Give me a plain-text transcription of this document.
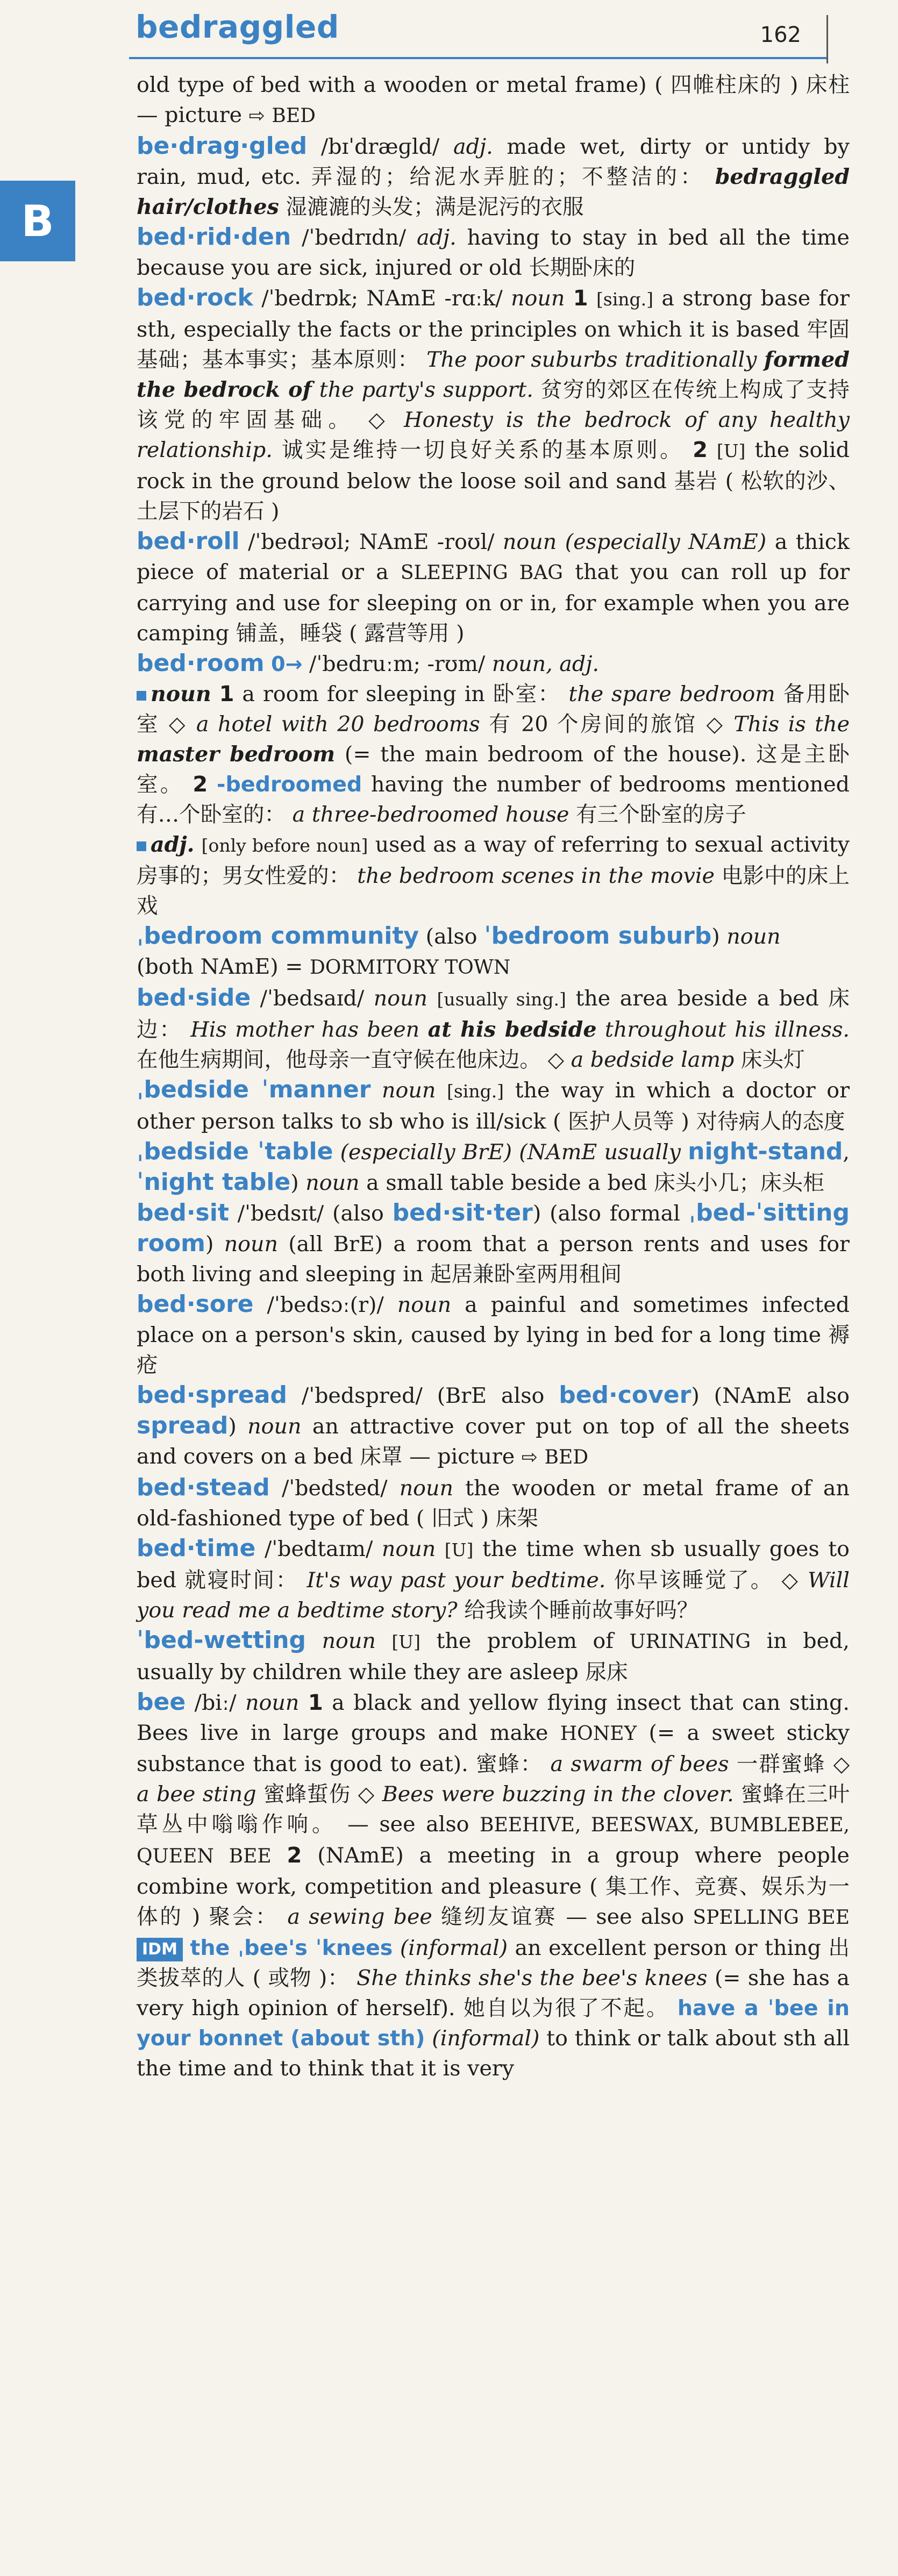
bedraggled	162
B

old type of bed with a wooden or metal frame) ( 四帷柱床的 ) 床柱 — picture ⇨ BED

be·drag·gled /bɪˈdræɡld/ adj. made wet, dirty or untidy by rain, mud, etc. 弄湿的；给泥水弄脏的；不整洁的： bedraggled hair/clothes 湿漉漉的头发；满是泥污的衣服

bed·rid·den /ˈbedrɪdn/ adj. having to stay in bed all the time because you are sick, injured or old 长期卧床的

bed·rock /ˈbedrɒk; NAmE -rɑːk/ noun 1 [sing.] a strong base for sth, especially the facts or the principles on which it is based 牢固基础；基本事实；基本原则： The poor suburbs traditionally formed the bedrock of the party's support. 贫穷的郊区在传统上构成了支持该党的牢固基础。 ◇ Honesty is the bedrock of any healthy relationship. 诚实是维持一切良好关系的基本原则。 2 [U] the solid rock in the ground below the loose soil and sand 基岩 ( 松软的沙、土层下的岩石 )

bed·roll /ˈbedrəʊl; NAmE -roʊl/ noun (especially NAmE) a thick piece of material or a SLEEPING BAG that you can roll up for carrying and use for sleeping on or in, for example when you are camping 铺盖，睡袋 ( 露营等用 )

bed·room 0→ /ˈbedruːm; -rʊm/ noun, adj.
noun 1 a room for sleeping in 卧室： the spare bedroom 备用卧室 ◇ a hotel with 20 bedrooms 有 20 个房间的旅馆 ◇ This is the master bedroom (= the main bedroom of the house). 这是主卧室。 2 -bedroomed having the number of bedrooms mentioned 有…个卧室的： a three-bedroomed house 有三个卧室的房子
adj. [only before noun] used as a way of referring to sexual activity 房事的；男女性爱的： the bedroom scenes in the movie 电影中的床上戏

ˌbedroom community (also ˈbedroom suburb) noun
(both NAmE) = DORMITORY TOWN

bed·side /ˈbedsaɪd/ noun [usually sing.] the area beside a bed 床边： His mother has been at his bedside throughout his illness. 在他生病期间，他母亲一直守候在他床边。 ◇ a bedside lamp 床头灯

ˌbedside ˈmanner noun [sing.] the way in which a doctor or other person talks to sb who is ill/sick ( 医护人员等 ) 对待病人的态度

ˌbedside ˈtable (especially BrE) (NAmE usually night-stand, ˈnight table) noun a small table beside a bed 床头小几；床头柜

bed·sit /ˈbedsɪt/ (also bed·sit·ter) (also formal ˌbed-ˈsitting room) noun (all BrE) a room that a person rents and uses for both living and sleeping in 起居兼卧室两用租间

bed·sore /ˈbedsɔː(r)/ noun a painful and sometimes infected place on a person's skin, caused by lying in bed for a long time 褥疮

bed·spread /ˈbedspred/ (BrE also bed·cover) (NAmE also spread) noun an attractive cover put on top of all the sheets and covers on a bed 床罩 — picture ⇨ BED

bed·stead /ˈbedsted/ noun the wooden or metal frame of an old-fashioned type of bed ( 旧式 ) 床架

bed·time /ˈbedtaɪm/ noun [U] the time when sb usually goes to bed 就寝时间： It's way past your bedtime. 你早该睡觉了。 ◇ Will you read me a bedtime story? 给我读个睡前故事好吗？

ˈbed-wetting noun [U] the problem of URINATING in bed, usually by children while they are asleep 尿床

bee /biː/ noun 1 a black and yellow flying insect that can sting. Bees live in large groups and make HONEY (= a sweet sticky substance that is good to eat). 蜜蜂： a swarm of bees 一群蜜蜂 ◇ a bee sting 蜜蜂蜇伤 ◇ Bees were buzzing in the clover. 蜜蜂在三叶草丛中嗡嗡作响。 — see also BEEHIVE, BEESWAX, BUMBLEBEE, QUEEN BEE 2 (NAmE) a meeting in a group where people combine work, competition and pleasure ( 集工作、竞赛、娱乐为一体的 ) 聚会： a sewing bee 缝纫友谊赛 — see also SPELLING BEE IDM the ˌbee's ˈknees (informal) an excellent person or thing 出类拔萃的人 ( 或物 )： She thinks she's the bee's knees (= she has a very high opinion of herself). 她自以为很了不起。 have a ˈbee in your bonnet (about sth) (informal) to think or talk about sth all the time and to think that it is very
